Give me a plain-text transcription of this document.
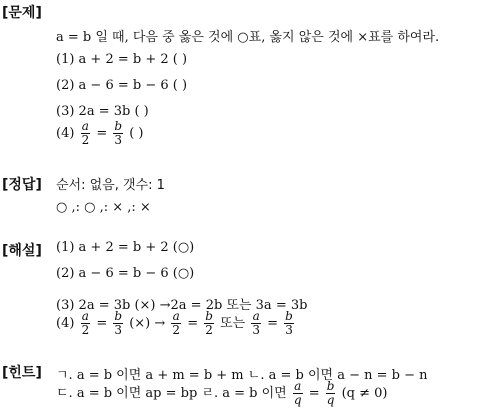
[문제]
[정답]
[해설]
[힌트]
a = b 일 때, 다음 중 옳은 것에 ○표, 옳지 않은 것에 ×표를 하여라.
(1) a + 2 = b + 2 ( )
(2) a − 6 = b − 6 ( )
(3) 2a = 3b ( )
$(4) \frac{a}{2} = \frac{b}{3}$ ( )
순서: 없음, 갯수: 1
○ ,: ○ ,: × ,: ×
(1) a + 2 = b + 2 (○)
(2) a − 6 = b − 6 (○)
(3) 2a = 3b (×) →2a = 2b 또는 3a = 3b
$(4) \frac{a}{2} = \frac{b}{3}$ (×) → $\frac{a}{2} = \frac{b}{2}$ 또는 $\frac{a}{3} = \frac{b}{3}$
ㄱ. a = b 이면 a + m = b + m ㄴ. a = b 이면 a − n = b − n
ㄷ. a = b 이면 ap = bp ㄹ. a = b 이면 $\frac{a}{q} = \frac{b}{q} (q \ne 0)$
